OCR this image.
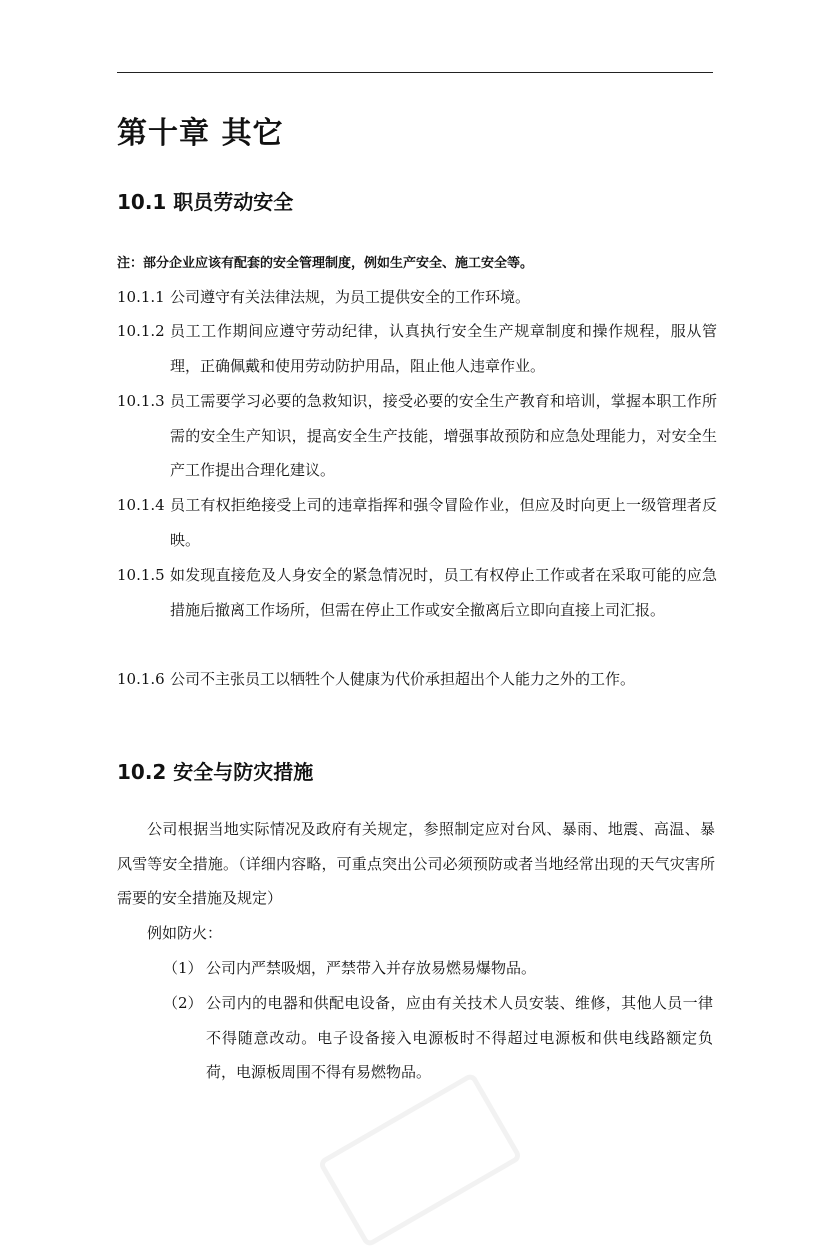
第十章 其它
10.1 职员劳动安全
注：部分企业应该有配套的安全管理制度，例如生产安全、施工安全等。
10.1.1 公司遵守有关法律法规，为员工提供安全的工作环境。
10.1.2 员工工作期间应遵守劳动纪律，认真执行安全生产规章制度和操作规程，服从管理，正确佩戴和使用劳动防护用品，阻止他人违章作业。
10.1.3 员工需要学习必要的急救知识，接受必要的安全生产教育和培训，掌握本职工作所需的安全生产知识，提高安全生产技能，增强事故预防和应急处理能力，对安全生产工作提出合理化建议。
10.1.4 员工有权拒绝接受上司的违章指挥和强令冒险作业，但应及时向更上一级管理者反映。
10.1.5 如发现直接危及人身安全的紧急情况时，员工有权停止工作或者在采取可能的应急措施后撤离工作场所，但需在停止工作或安全撤离后立即向直接上司汇报。
10.1.6 公司不主张员工以牺牲个人健康为代价承担超出个人能力之外的工作。
10.2 安全与防灾措施

公司根据当地实际情况及政府有关规定，参照制定应对台风、暴雨、地震、高温、暴风雪等安全措施。（详细内容略，可重点突出公司必须预防或者当地经常出现的天气灾害所需要的安全措施及规定）

例如防火：
（1） 公司内严禁吸烟，严禁带入并存放易燃易爆物品。
（2） 公司内的电器和供配电设备，应由有关技术人员安装、维修，其他人员一律不得随意改动。电子设备接入电源板时不得超过电源板和供电线路额定负荷，电源板周围不得有易燃物品。
